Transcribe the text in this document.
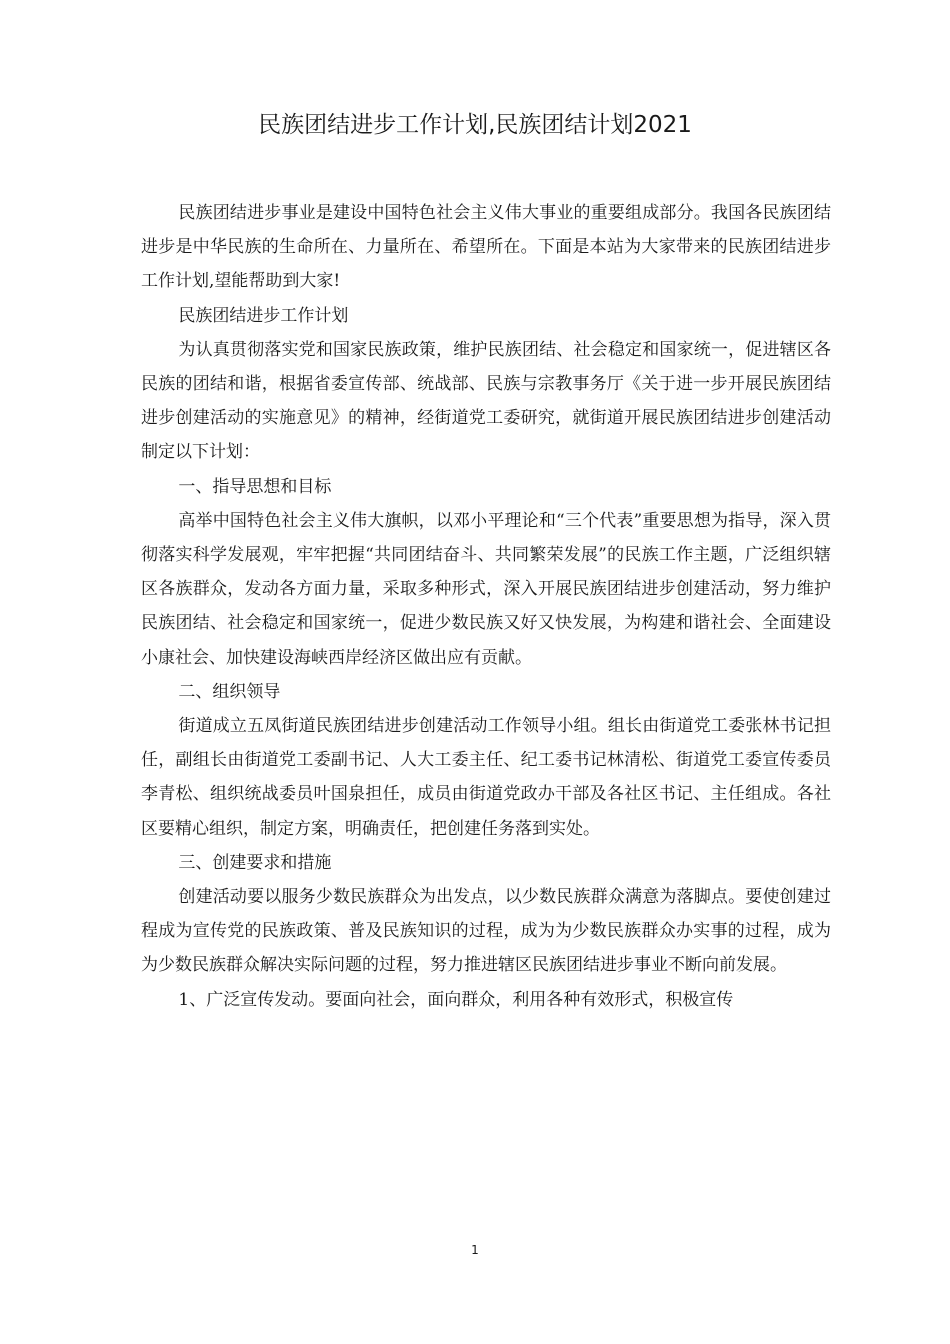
民族团结进步工作计划,民族团结计划2021

民族团结进步事业是建设中国特色社会主义伟大事业的重要组成部分。我国各民族团结进步是中华民族的生命所在、力量所在、希望所在。下面是本站为大家带来的民族团结进步工作计划,望能帮助到大家!

民族团结进步工作计划

为认真贯彻落实党和国家民族政策，维护民族团结、社会稳定和国家统一，促进辖区各民族的团结和谐，根据省委宣传部、统战部、民族与宗教事务厅《关于进一步开展民族团结进步创建活动的实施意见》的精神，经街道党工委研究，就街道开展民族团结进步创建活动制定以下计划：

一、指导思想和目标

高举中国特色社会主义伟大旗帜，以邓小平理论和“三个代表”重要思想为指导，深入贯彻落实科学发展观，牢牢把握“共同团结奋斗、共同繁荣发展”的民族工作主题，广泛组织辖区各族群众，发动各方面力量，采取多种形式，深入开展民族团结进步创建活动，努力维护民族团结、社会稳定和国家统一，促进少数民族又好又快发展，为构建和谐社会、全面建设小康社会、加快建设海峡西岸经济区做出应有贡献。

二、组织领导

街道成立五凤街道民族团结进步创建活动工作领导小组。组长由街道党工委张林书记担任，副组长由街道党工委副书记、人大工委主任、纪工委书记林清松、街道党工委宣传委员李青松、组织统战委员叶国泉担任，成员由街道党政办干部及各社区书记、主任组成。各社区要精心组织，制定方案，明确责任，把创建任务落到实处。

三、创建要求和措施

创建活动要以服务少数民族群众为出发点，以少数民族群众满意为落脚点。要使创建过程成为宣传党的民族政策、普及民族知识的过程，成为为少数民族群众办实事的过程，成为为少数民族群众解决实际问题的过程，努力推进辖区民族团结进步事业不断向前发展。

1、广泛宣传发动。要面向社会，面向群众，利用各种有效形式，积极宣传

1
